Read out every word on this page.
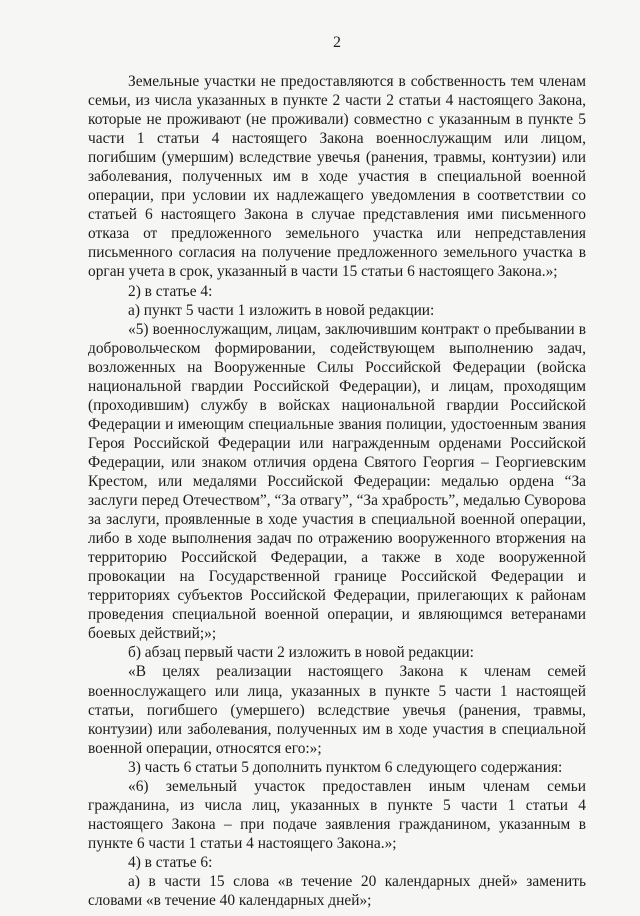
2

Земельные участки не предоставляются в собственность тем членам семьи, из числа указанных в пункте 2 части 2 статьи 4 настоящего Закона, которые не проживают (не проживали) совместно с указанным в пункте 5 части 1 статьи 4 настоящего Закона военнослужащим или лицом, погибшим (умершим) вследствие увечья (ранения, травмы, контузии) или заболевания, полученных им в ходе участия в специальной военной операции, при условии их надлежащего уведомления в соответствии со статьей 6 настоящего Закона в случае представления ими письменного отказа от предложенного земельного участка или непредставления письменного согласия на получение предложенного земельного участка в орган учета в срок, указанный в части 15 статьи 6 настоящего Закона.»;

2) в статье 4:

а) пункт 5 части 1 изложить в новой редакции:

«5) военнослужащим, лицам, заключившим контракт о пребывании в добровольческом формировании, содействующем выполнению задач, возложенных на Вооруженные Силы Российской Федерации (войска национальной гвардии Российской Федерации), и лицам, проходящим (проходившим) службу в войсках национальной гвардии Российской Федерации и имеющим специальные звания полиции, удостоенным звания Героя Российской Федерации или награжденным орденами Российской Федерации, или знаком отличия ордена Святого Георгия – Георгиевским Крестом, или медалями Российской Федерации: медалью ордена “За заслуги перед Отечеством”, “За отвагу”, “За храбрость”, медалью Суворова за заслуги, проявленные в ходе участия в специальной военной операции, либо в ходе выполнения задач по отражению вооруженного вторжения на территорию Российской Федерации, а также в ходе вооруженной провокации на Государственной границе Российской Федерации и территориях субъектов Российской Федерации, прилегающих к районам проведения специальной военной операции, и являющимся ветеранами боевых действий;»;

б) абзац первый части 2 изложить в новой редакции:

«В целях реализации настоящего Закона к членам семей военнослужащего или лица, указанных в пункте 5 части 1 настоящей статьи, погибшего (умершего) вследствие увечья (ранения, травмы, контузии) или заболевания, полученных им в ходе участия в специальной военной операции, относятся его:»;

3) часть 6 статьи 5 дополнить пунктом 6 следующего содержания:

«6) земельный участок предоставлен иным членам семьи гражданина, из числа лиц, указанных в пункте 5 части 1 статьи 4 настоящего Закона – при подаче заявления гражданином, указанным в пункте 6 части 1 статьи 4 настоящего Закона.»;

4) в статье 6:

а) в части 15 слова «в течение 20 календарных дней» заменить словами «в течение 40 календарных дней»;
